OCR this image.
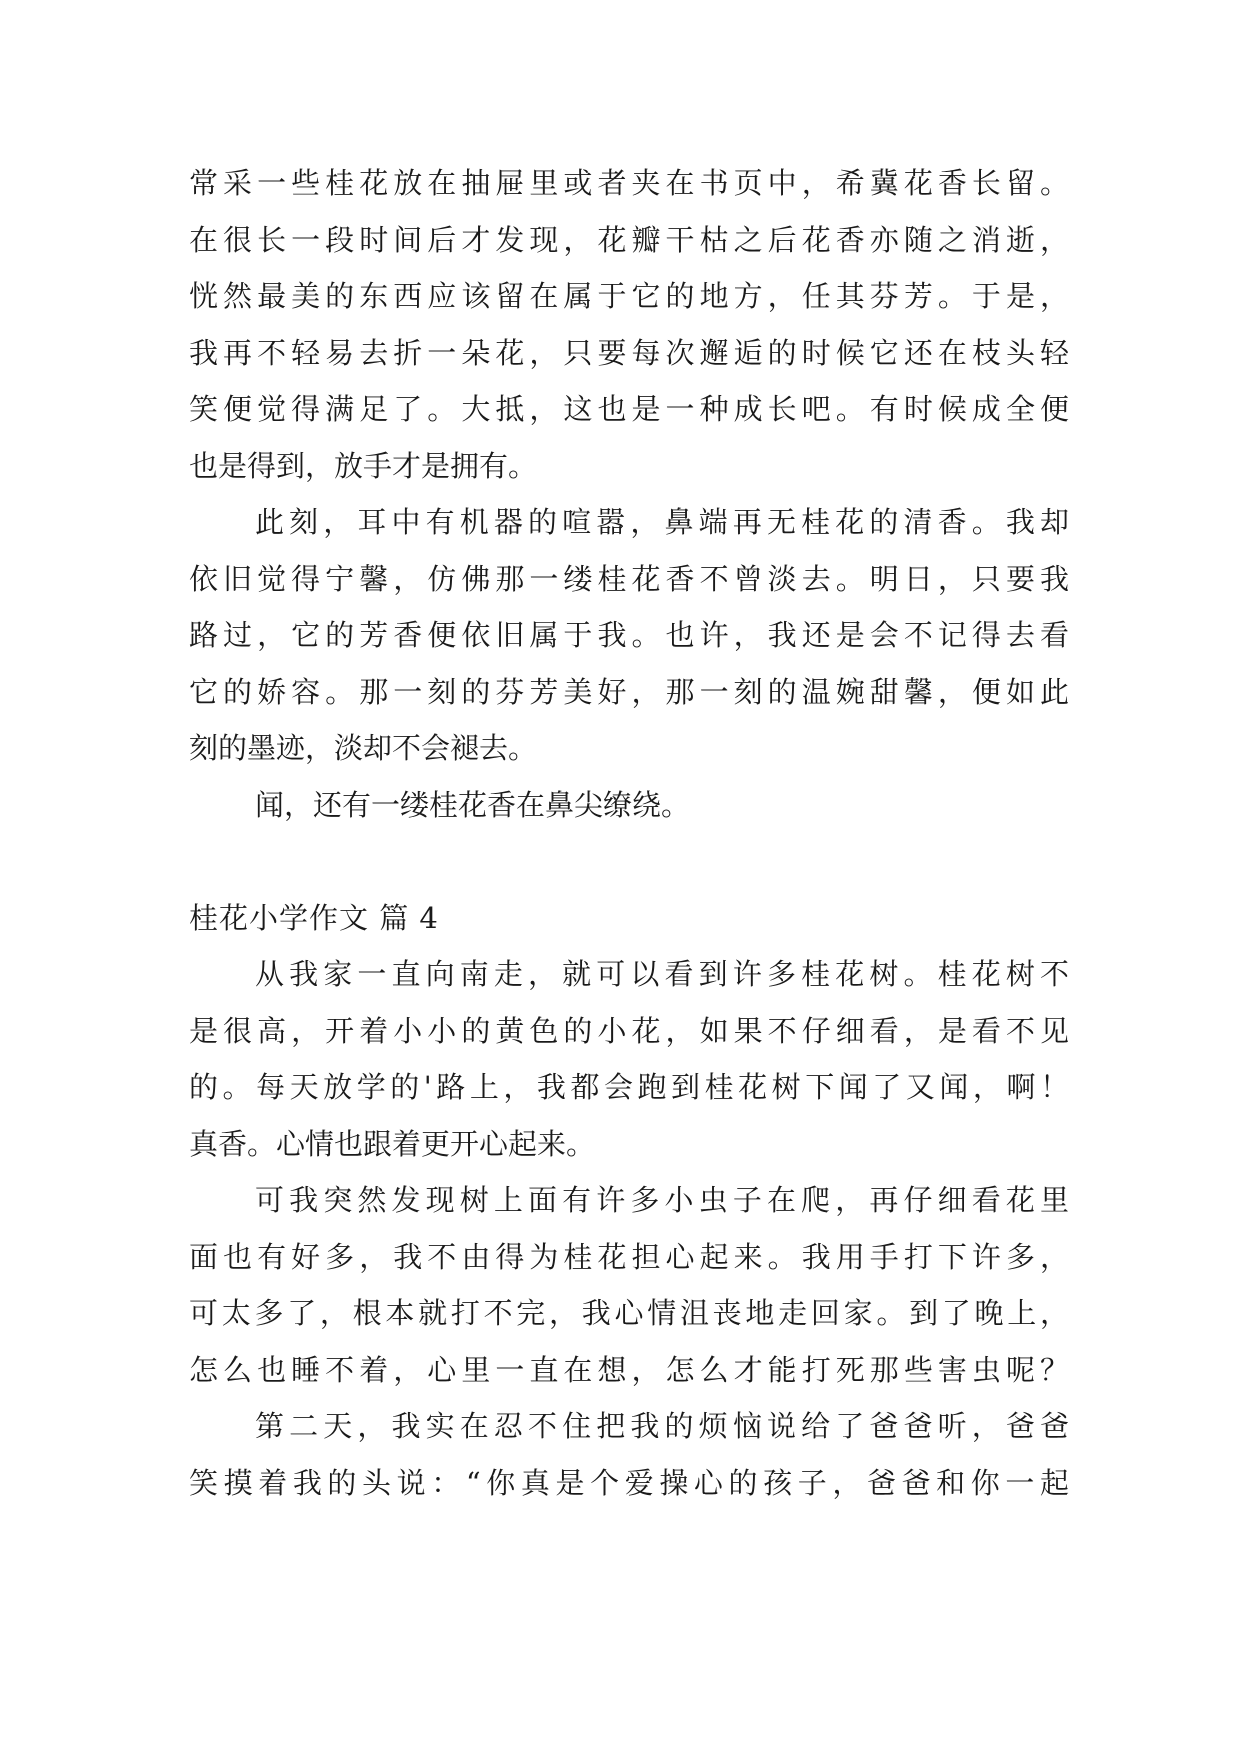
常采一些桂花放在抽屉里或者夹在书页中，希冀花香长留。
在很长一段时间后才发现，花瓣干枯之后花香亦随之消逝，
恍然最美的东西应该留在属于它的地方，任其芬芳。于是，
我再不轻易去折一朵花，只要每次邂逅的时候它还在枝头轻
笑便觉得满足了。大抵，这也是一种成长吧。有时候成全便
也是得到，放手才是拥有。
此刻，耳中有机器的喧嚣，鼻端再无桂花的清香。我却
依旧觉得宁馨，仿佛那一缕桂花香不曾淡去。明日，只要我
路过，它的芳香便依旧属于我。也许，我还是会不记得去看
它的娇容。那一刻的芬芳美好，那一刻的温婉甜馨，便如此
刻的墨迹，淡却不会褪去。
闻，还有一缕桂花香在鼻尖缭绕。
桂花小学作文 篇 4
从我家一直向南走，就可以看到许多桂花树。桂花树不
是很高，开着小小的黄色的小花，如果不仔细看，是看不见
的。每天放学的'路上，我都会跑到桂花树下闻了又闻，啊！
真香。心情也跟着更开心起来。
可我突然发现树上面有许多小虫子在爬，再仔细看花里
面也有好多，我不由得为桂花担心起来。我用手打下许多，
可太多了，根本就打不完，我心情沮丧地走回家。到了晚上，
怎么也睡不着，心里一直在想，怎么才能打死那些害虫呢？
第二天，我实在忍不住把我的烦恼说给了爸爸听，爸爸
笑摸着我的头说：“你真是个爱操心的孩子，爸爸和你一起
